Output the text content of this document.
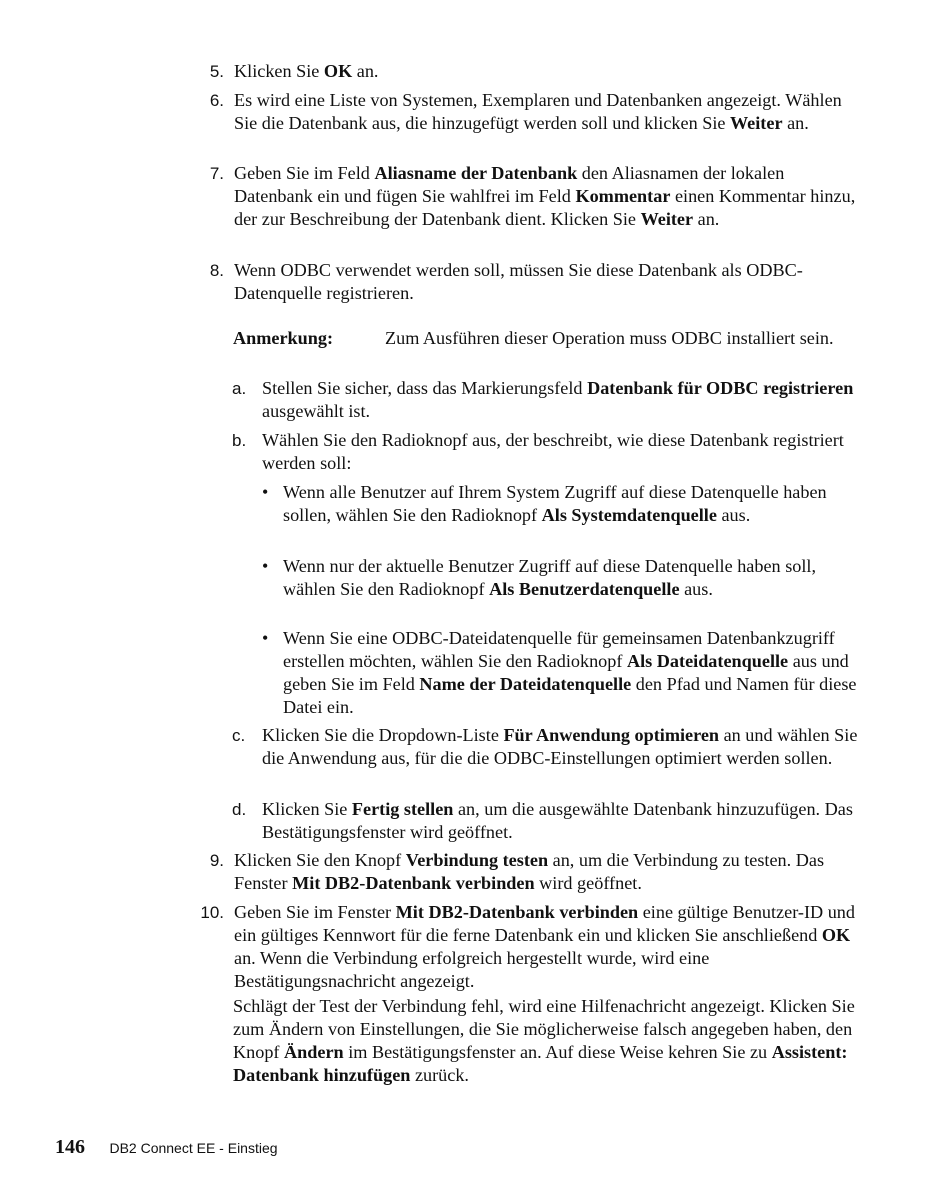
5. Klicken Sie OK an.
6. Es wird eine Liste von Systemen, Exemplaren und Datenbanken angezeigt. Wählen Sie die Datenbank aus, die hinzugefügt werden soll und klicken Sie Weiter an.
7. Geben Sie im Feld Aliasname der Datenbank den Aliasnamen der lokalen Datenbank ein und fügen Sie wahlfrei im Feld Kommentar einen Kommentar hinzu, der zur Beschreibung der Datenbank dient. Klicken Sie Weiter an.
8. Wenn ODBC verwendet werden soll, müssen Sie diese Datenbank als ODBC-Datenquelle registrieren.
Anmerkung:	Zum Ausführen dieser Operation muss ODBC installiert sein.
a. Stellen Sie sicher, dass das Markierungsfeld Datenbank für ODBC registrieren ausgewählt ist.
b. Wählen Sie den Radioknopf aus, der beschreibt, wie diese Datenbank registriert werden soll:
• Wenn alle Benutzer auf Ihrem System Zugriff auf diese Datenquelle haben sollen, wählen Sie den Radioknopf Als Systemdatenquelle aus.
• Wenn nur der aktuelle Benutzer Zugriff auf diese Datenquelle haben soll, wählen Sie den Radioknopf Als Benutzerdatenquelle aus.
• Wenn Sie eine ODBC-Dateidatenquelle für gemeinsamen Datenbankzugriff erstellen möchten, wählen Sie den Radioknopf Als Dateidatenquelle aus und geben Sie im Feld Name der Dateidatenquelle den Pfad und Namen für diese Datei ein.
c. Klicken Sie die Dropdown-Liste Für Anwendung optimieren an und wählen Sie die Anwendung aus, für die die ODBC-Einstellungen optimiert werden sollen.
d. Klicken Sie Fertig stellen an, um die ausgewählte Datenbank hinzuzufügen. Das Bestätigungsfenster wird geöffnet.
9. Klicken Sie den Knopf Verbindung testen an, um die Verbindung zu testen. Das Fenster Mit DB2-Datenbank verbinden wird geöffnet.
10. Geben Sie im Fenster Mit DB2-Datenbank verbinden eine gültige Benutzer-ID und ein gültiges Kennwort für die ferne Datenbank ein und klicken Sie anschließend OK an. Wenn die Verbindung erfolgreich hergestellt wurde, wird eine Bestätigungsnachricht angezeigt.
Schlägt der Test der Verbindung fehl, wird eine Hilfenachricht angezeigt. Klicken Sie zum Ändern von Einstellungen, die Sie möglicherweise falsch angegeben haben, den Knopf Ändern im Bestätigungsfenster an. Auf diese Weise kehren Sie zu Assistent: Datenbank hinzufügen zurück.
146 DB2 Connect EE - Einstieg
